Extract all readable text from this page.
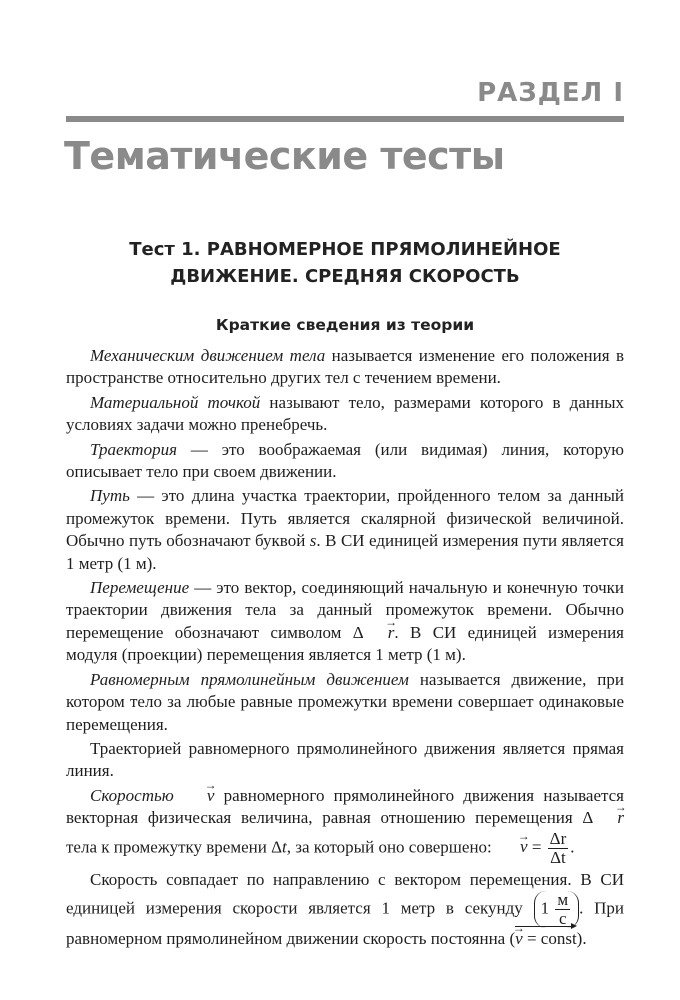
РАЗДЕЛ I
Тематические тесты
Тест 1. РАВНОМЕРНОЕ ПРЯМОЛИНЕЙНОЕ
ДВИЖЕНИЕ. СРЕДНЯЯ СКОРОСТЬ
Краткие сведения из теории

Механическим движением тела называется изменение его положения в пространстве относительно других тел с течением времени.

Материальной точкой называют тело, размерами которого в данных условиях задачи можно пренебречь.

Траектория — это воображаемая (или видимая) линия, которую описывает тело при своем движении.

Путь — это длина участка траектории, пройденного телом за данный промежуток времени. Путь является скалярной физической величиной. Обычно путь обозначают буквой s. В СИ единицей измерения пути является 1 метр (1 м).

Перемещение — это вектор, соединяющий начальную и конечную точки траектории движения тела за данный промежуток времени. Обычно перемещение обозначают символом Δ → r. В СИ единицей измерения модуля (проекции) перемещения является 1 метр (1 м).

Равномерным прямолинейным движением называется движение, при котором тело за любые равные промежутки времени совершает одинаковые перемещения.

Траекторией равномерного прямолинейного движения является прямая линия.

Скоростью → v равномерного прямолинейного движения называется векторная физическая величина, равная отношению перемещения Δ → r тела к промежутку времени Δt, за который оно совершено: → $v = \frac{\Delta r}{\Delta t}$ .

Скорость совпадает по направлению с вектором перемещения. В СИ единицей измерения скорости является 1 метр в секунду $1 \frac{м}{с}$ . При равномерном прямолинейном движении скорость постоянна (→ v = const).
